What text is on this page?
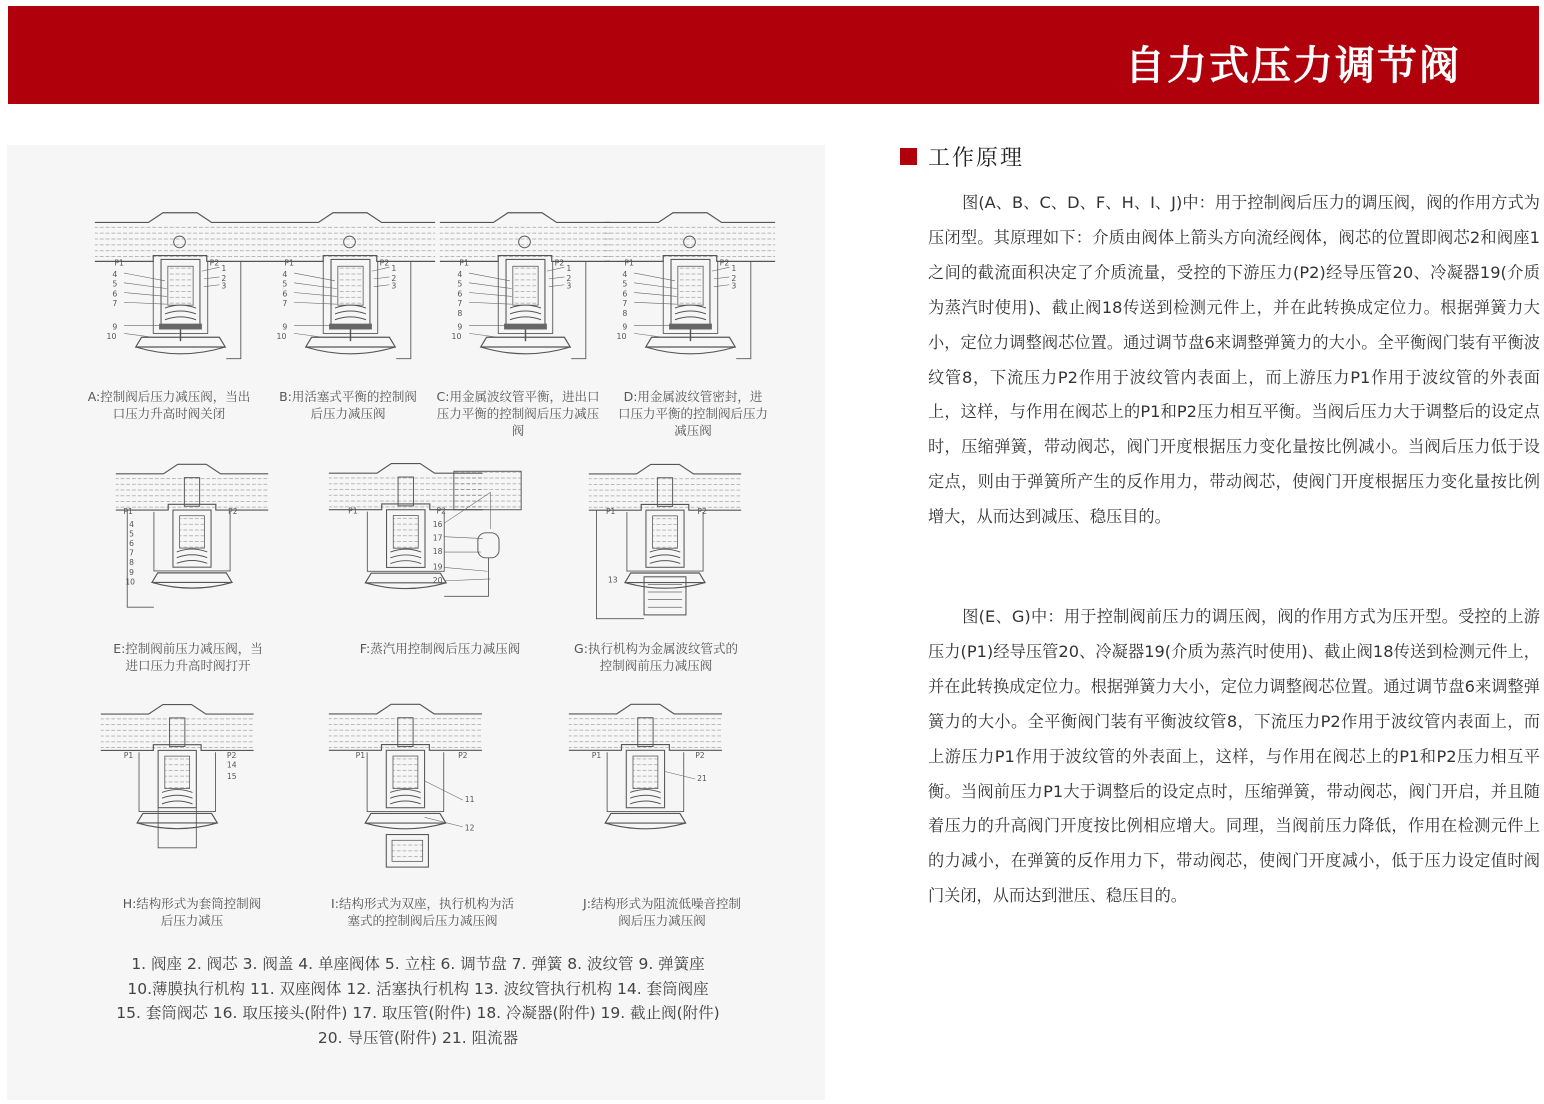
自力式压力调节阀
P1	P2
4
5
6
7
9
10
1
2
3
A:控制阀后压力减压阀，当出口压力升高时阀关闭
P1	P2
4
5
6
7
9
10
1
2
3
B:用活塞式平衡的控制阀后压力减压阀
P1	P2
4
5
6
7
8
9
10
1
2
3
C:用金属波纹管平衡，进出口压力平衡的控制阀后压力减压阀
P1	P2
4
5
6
7
8
9
10
1
2
3
D:用金属波纹管密封，进口压力平衡的控制阀后压力减压阀
P1	P2
4
5
6
7
8
9
10
E:控制阀前压力减压阀，当进口压力升高时阀打开
P1	P2
16
17
18
19
20
F:蒸汽用控制阀后压力减压阀
P1	P2
13
G:执行机构为金属波纹管式的控制阀前压力减压阀
P1	P2
14
15
H:结构形式为套筒控制阀后压力减压
P1	P2
11
12
I:结构形式为双座，执行机构为活塞式的控制阀后压力减压阀
P1	P2
21
J:结构形式为阻流低噪音控制阀后压力减压阀
1. 阀座 2. 阀芯 3. 阀盖 4. 单座阀体 5. 立柱 6. 调节盘 7. 弹簧 8. 波纹管 9. 弹簧座
10.薄膜执行机构 11. 双座阀体 12. 活塞执行机构 13. 波纹管执行机构 14. 套筒阀座
15. 套筒阀芯 16. 取压接头(附件) 17. 取压管(附件) 18. 冷凝器(附件) 19. 截止阀(附件)
20. 导压管(附件) 21. 阻流器
工作原理
图(A、B、C、D、F、H、I、J)中：用于控制阀后压力的调压阀，阀的作用方式为压闭型。其原理如下：介质由阀体上箭头方向流经阀体，阀芯的位置即阀芯2和阀座1之间的截流面积决定了介质流量，受控的下游压力(P2)经导压管20、冷凝器19(介质为蒸汽时使用)、截止阀18传送到检测元件上，并在此转换成定位力。根据弹簧力大小，定位力调整阀芯位置。通过调节盘6来调整弹簧力的大小。全平衡阀门装有平衡波纹管8，下流压力P2作用于波纹管内表面上，而上游压力P1作用于波纹管的外表面上，这样，与作用在阀芯上的P1和P2压力相互平衡。当阀后压力大于调整后的设定点时，压缩弹簧，带动阀芯，阀门开度根据压力变化量按比例减小。当阀后压力低于设定点，则由于弹簧所产生的反作用力，带动阀芯，使阀门开度根据压力变化量按比例增大，从而达到减压、稳压目的。
图(E、G)中：用于控制阀前压力的调压阀，阀的作用方式为压开型。受控的上游压力(P1)经导压管20、冷凝器19(介质为蒸汽时使用)、截止阀18传送到检测元件上，并在此转换成定位力。根据弹簧力大小，定位力调整阀芯位置。通过调节盘6来调整弹簧力的大小。全平衡阀门装有平衡波纹管8，下流压力P2作用于波纹管内表面上，而上游压力P1作用于波纹管的外表面上，这样，与作用在阀芯上的P1和P2压力相互平衡。当阀前压力P1大于调整后的设定点时，压缩弹簧，带动阀芯，阀门开启，并且随着压力的升高阀门开度按比例相应增大。同理，当阀前压力降低，作用在检测元件上的力减小，在弹簧的反作用力下，带动阀芯，使阀门开度减小，低于压力设定值时阀门关闭，从而达到泄压、稳压目的。
